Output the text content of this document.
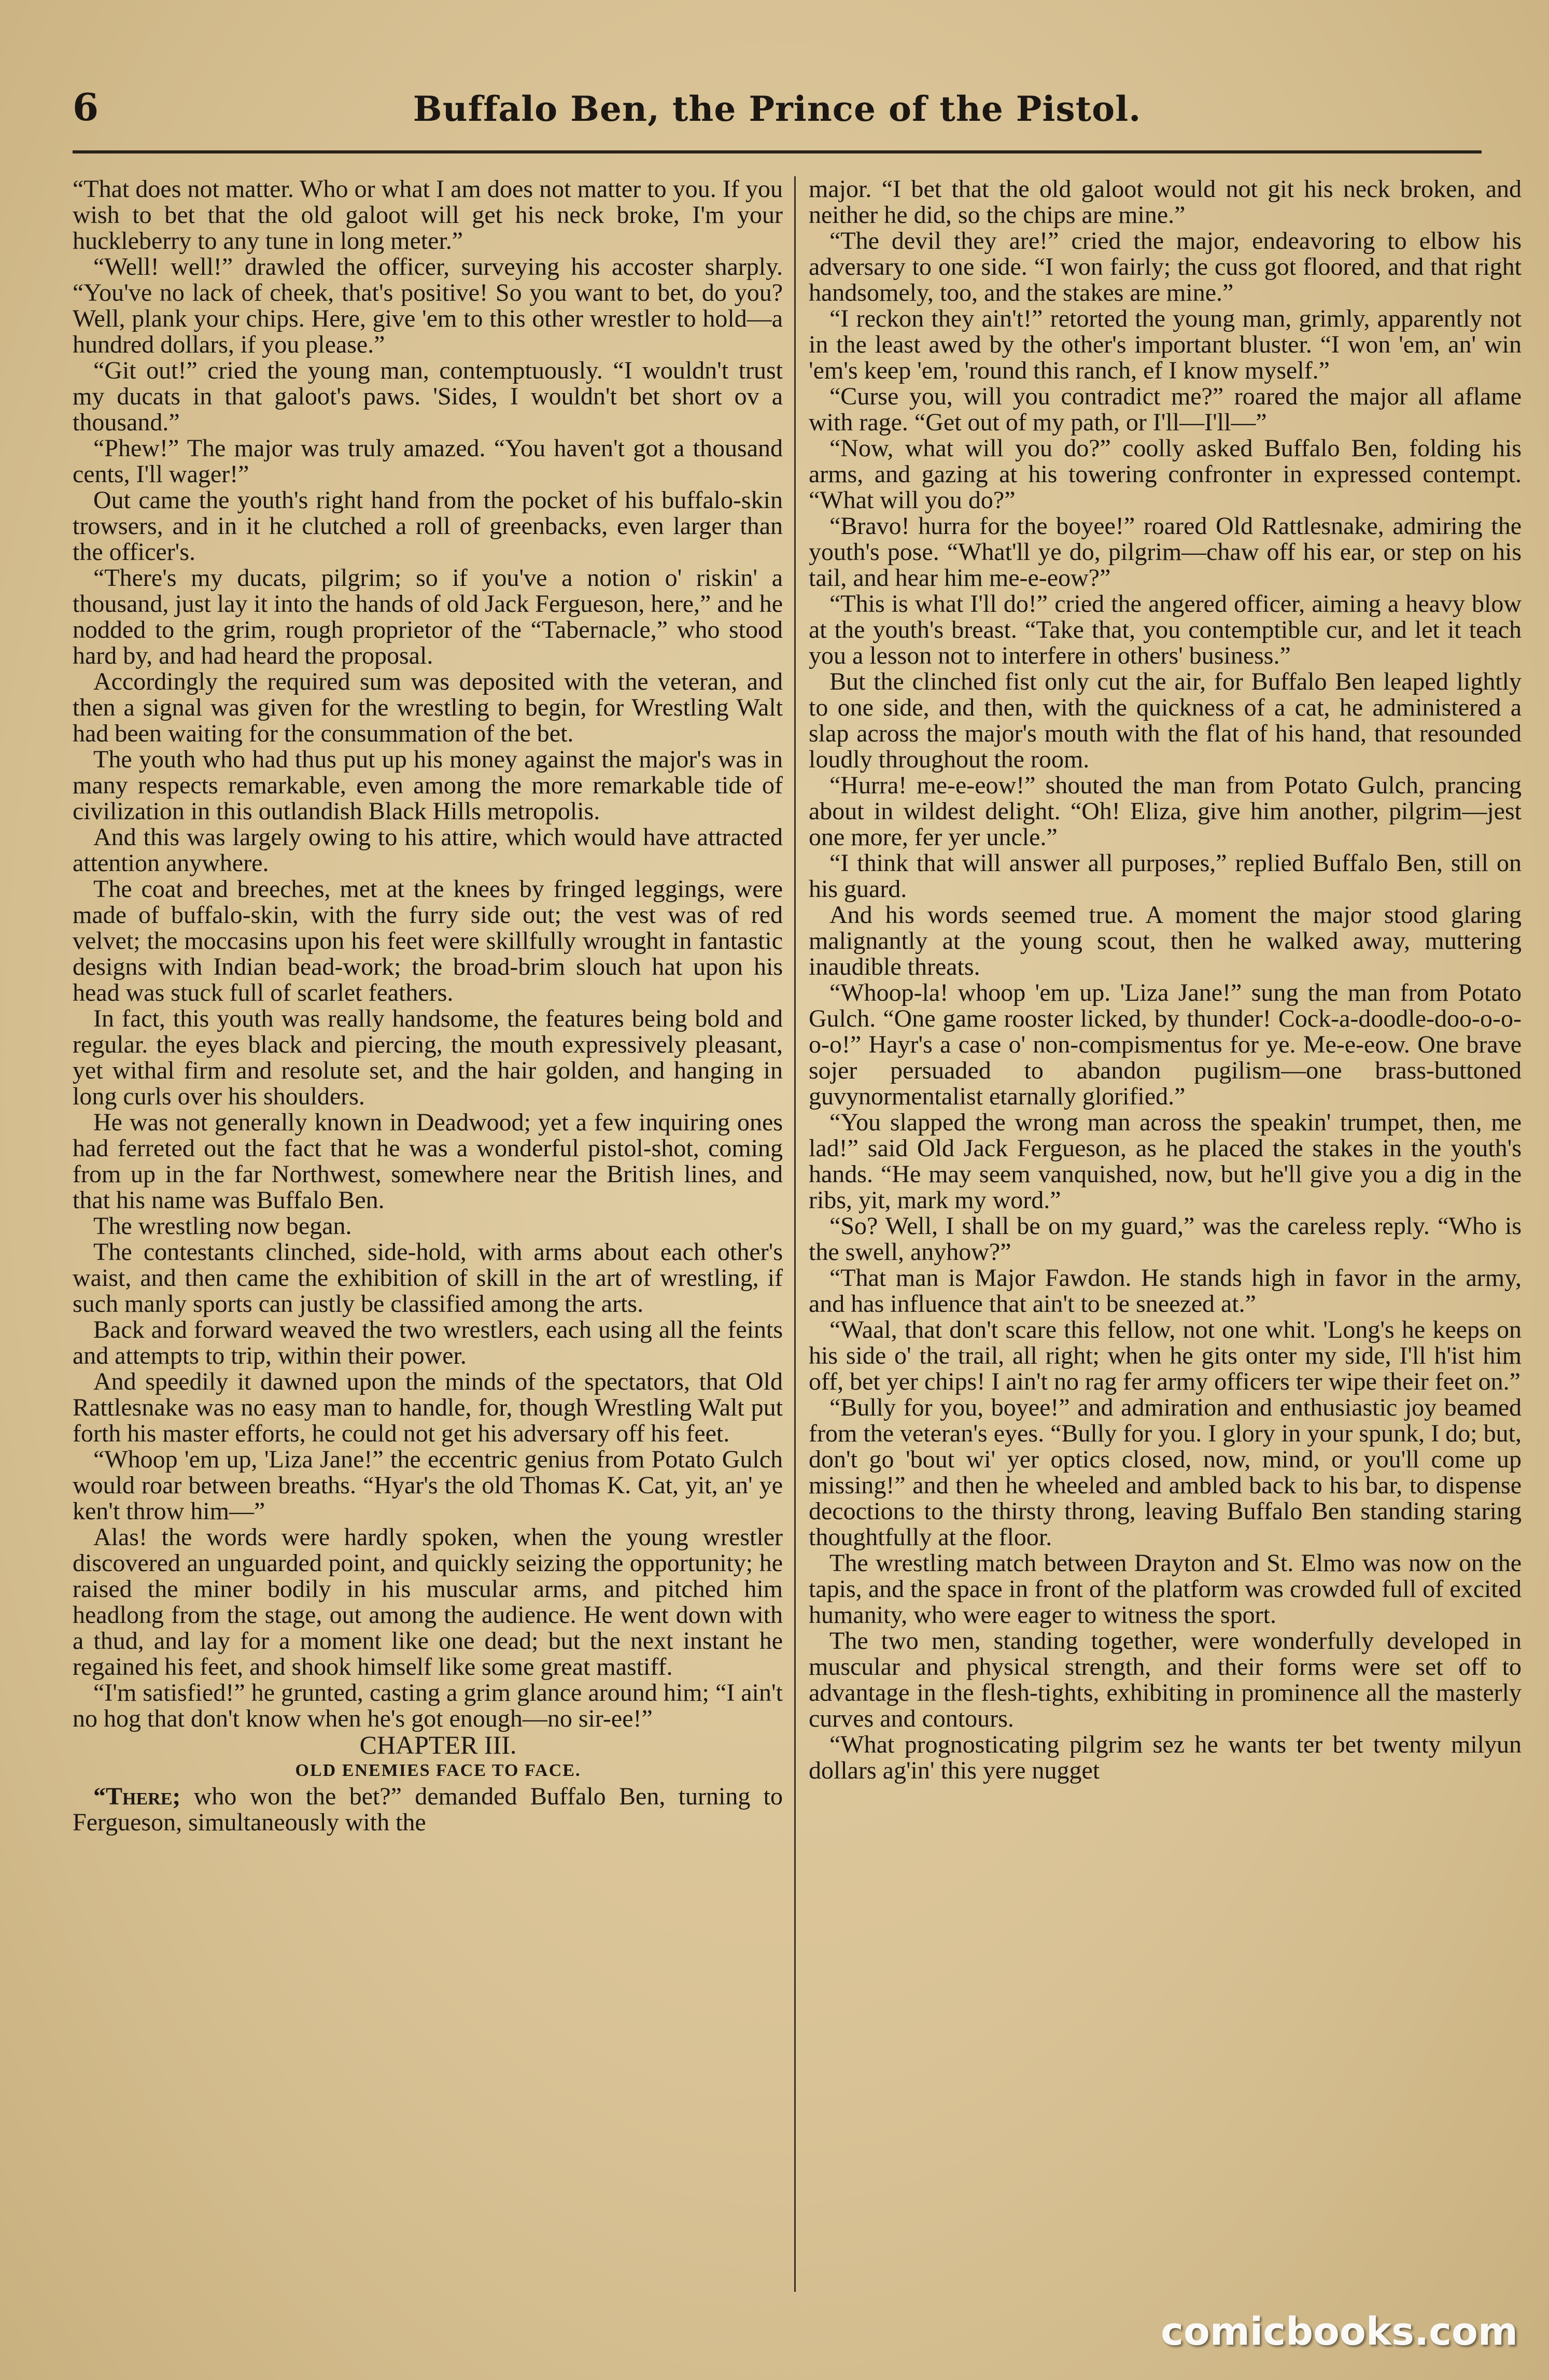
6	Buffalo Ben, the Prince of the Pistol.

“That does not matter. Who or what I am does not matter to you. If you wish to bet that the old galoot will get his neck broke, I'm your huckleberry to any tune in long meter.”

“Well! well!” drawled the officer, surveying his accoster sharply. “You've no lack of cheek, that's positive! So you want to bet, do you? Well, plank your chips. Here, give 'em to this other wrestler to hold—a hundred dollars, if you please.”

“Git out!” cried the young man, contemptuously. “I wouldn't trust my ducats in that galoot's paws. 'Sides, I wouldn't bet short ov a thousand.”

“Phew!” The major was truly amazed. “You haven't got a thousand cents, I'll wager!”

Out came the youth's right hand from the pocket of his buffalo-skin trowsers, and in it he clutched a roll of greenbacks, even larger than the officer's.

“There's my ducats, pilgrim; so if you've a notion o' riskin' a thousand, just lay it into the hands of old Jack Fergueson, here,” and he nodded to the grim, rough proprietor of the “Tabernacle,” who stood hard by, and had heard the proposal.

Accordingly the required sum was deposited with the veteran, and then a signal was given for the wrestling to begin, for Wrestling Walt had been waiting for the consummation of the bet.

The youth who had thus put up his money against the major's was in many respects remarkable, even among the more remarkable tide of civilization in this outlandish Black Hills metropolis.

And this was largely owing to his attire, which would have attracted attention anywhere.

The coat and breeches, met at the knees by fringed leggings, were made of buffalo-skin, with the furry side out; the vest was of red velvet; the moccasins upon his feet were skillfully wrought in fantastic designs with Indian bead-work; the broad-brim slouch hat upon his head was stuck full of scarlet feathers.

In fact, this youth was really handsome, the features being bold and regular. the eyes black and piercing, the mouth expressively pleasant, yet withal firm and resolute set, and the hair golden, and hanging in long curls over his shoulders.

He was not generally known in Deadwood; yet a few inquiring ones had ferreted out the fact that he was a wonderful pistol-shot, coming from up in the far Northwest, somewhere near the British lines, and that his name was Buffalo Ben.

The wrestling now began.

The contestants clinched, side-hold, with arms about each other's waist, and then came the exhibition of skill in the art of wrestling, if such manly sports can justly be classified among the arts.

Back and forward weaved the two wrestlers, each using all the feints and attempts to trip, within their power.

And speedily it dawned upon the minds of the spectators, that Old Rattlesnake was no easy man to handle, for, though Wrestling Walt put forth his master efforts, he could not get his adversary off his feet.

“Whoop 'em up, 'Liza Jane!” the eccentric genius from Potato Gulch would roar between breaths. “Hyar's the old Thomas K. Cat, yit, an' ye ken't throw him—”

Alas! the words were hardly spoken, when the young wrestler discovered an unguarded point, and quickly seizing the opportunity; he raised the miner bodily in his muscular arms, and pitched him headlong from the stage, out among the audience. He went down with a thud, and lay for a moment like one dead; but the next instant he regained his feet, and shook himself like some great mastiff.

“I'm satisfied!” he grunted, casting a grim glance around him; “I ain't no hog that don't know when he's got enough—no sir-ee!”

CHAPTER III.

OLD ENEMIES FACE TO FACE.

“There; who won the bet?” demanded Buffalo Ben, turning to Fergueson, simultaneously with the

major. “I bet that the old galoot would not git his neck broken, and neither he did, so the chips are mine.”

“The devil they are!” cried the major, endeavoring to elbow his adversary to one side. “I won fairly; the cuss got floored, and that right handsomely, too, and the stakes are mine.”

“I reckon they ain't!” retorted the young man, grimly, apparently not in the least awed by the other's important bluster. “I won 'em, an' win 'em's keep 'em, 'round this ranch, ef I know myself.”

“Curse you, will you contradict me?” roared the major all aflame with rage. “Get out of my path, or I'll—I'll—”

“Now, what will you do?” coolly asked Buffalo Ben, folding his arms, and gazing at his towering confronter in expressed contempt. “What will you do?”

“Bravo! hurra for the boyee!” roared Old Rattlesnake, admiring the youth's pose. “What'll ye do, pilgrim—chaw off his ear, or step on his tail, and hear him me-e-eow?”

“This is what I'll do!” cried the angered officer, aiming a heavy blow at the youth's breast. “Take that, you contemptible cur, and let it teach you a lesson not to interfere in others' business.”

But the clinched fist only cut the air, for Buffalo Ben leaped lightly to one side, and then, with the quickness of a cat, he administered a slap across the major's mouth with the flat of his hand, that resounded loudly throughout the room.

“Hurra! me-e-eow!” shouted the man from Potato Gulch, prancing about in wildest delight. “Oh! Eliza, give him another, pilgrim—jest one more, fer yer uncle.”

“I think that will answer all purposes,” replied Buffalo Ben, still on his guard.

And his words seemed true. A moment the major stood glaring malignantly at the young scout, then he walked away, muttering inaudible threats.

“Whoop-la! whoop 'em up. 'Liza Jane!” sung the man from Potato Gulch. “One game rooster licked, by thunder! Cock-a-doodle-doo-o-o-o-o!” Hayr's a case o' non-compismentus for ye. Me-e-eow. One brave sojer persuaded to abandon pugilism—one brass-buttoned guvynormentalist etarnally glorified.”

“You slapped the wrong man across the speakin' trumpet, then, me lad!” said Old Jack Fergueson, as he placed the stakes in the youth's hands. “He may seem vanquished, now, but he'll give you a dig in the ribs, yit, mark my word.”

“So? Well, I shall be on my guard,” was the careless reply. “Who is the swell, anyhow?”

“That man is Major Fawdon. He stands high in favor in the army, and has influence that ain't to be sneezed at.”

“Waal, that don't scare this fellow, not one whit. 'Long's he keeps on his side o' the trail, all right; when he gits onter my side, I'll h'ist him off, bet yer chips! I ain't no rag fer army officers ter wipe their feet on.”

“Bully for you, boyee!” and admiration and enthusiastic joy beamed from the veteran's eyes. “Bully for you. I glory in your spunk, I do; but, don't go 'bout wi' yer optics closed, now, mind, or you'll come up missing!” and then he wheeled and ambled back to his bar, to dispense decoctions to the thirsty throng, leaving Buffalo Ben standing staring thoughtfully at the floor.

The wrestling match between Drayton and St. Elmo was now on the tapis, and the space in front of the platform was crowded full of excited humanity, who were eager to witness the sport.

The two men, standing together, were wonderfully developed in muscular and physical strength, and their forms were set off to advantage in the flesh-tights, exhibiting in prominence all the masterly curves and contours.

“What prognosticating pilgrim sez he wants ter bet twenty milyun dollars ag'in' this yere nugget

comicbooks.com
